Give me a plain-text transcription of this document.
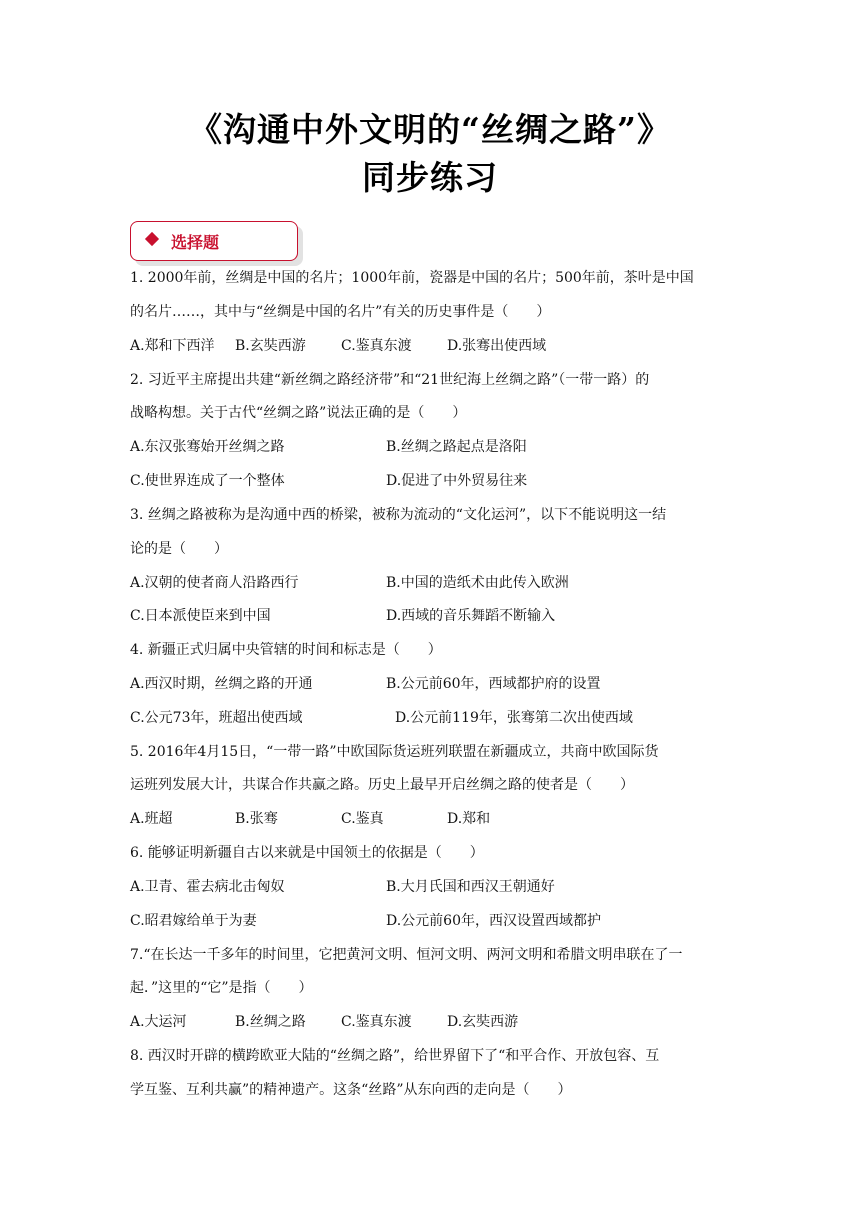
《沟通中外文明的“丝绸之路”》
同步练习
选择题
1. 2000年前，丝绸是中国的名片；1000年前，瓷器是中国的名片；500年前，茶叶是中国
的名片……，其中与“丝绸是中国的名片”有关的历史事件是（　　）
A.郑和下西洋 B.玄奘西游	C.鉴真东渡	D.张骞出使西域
2. 习近平主席提出共建“新丝绸之路经济带”和“21世纪海上丝绸之路”（一带一路）的
战略构想。关于古代“丝绸之路”说法正确的是（　　）
A.东汉张骞始开丝绸之路	B.丝绸之路起点是洛阳
C.使世界连成了一个整体	D.促进了中外贸易往来
3. 丝绸之路被称为是沟通中西的桥梁，被称为流动的“文化运河”，以下不能说明这一结
论的是（　　）
A.汉朝的使者商人沿路西行	B.中国的造纸术由此传入欧洲
C.日本派使臣来到中国	D.西域的音乐舞蹈不断输入
4. 新疆正式归属中央管辖的时间和标志是（　　）
A.西汉时期，丝绸之路的开通	B.公元前60年，西域都护府的设置
C.公元73年，班超出使西域	D.公元前119年，张骞第二次出使西域
5. 2016年4月15日，“一带一路”中欧国际货运班列联盟在新疆成立，共商中欧国际货
运班列发展大计，共谋合作共赢之路。历史上最早开启丝绸之路的使者是（　　）
A.班超	B.张骞	C.鉴真	D.郑和
6. 能够证明新疆自古以来就是中国领土的依据是（　　）
A.卫青、霍去病北击匈奴	B.大月氏国和西汉王朝通好
C.昭君嫁给单于为妻	D.公元前60年，西汉设置西域都护
7.“在长达一千多年的时间里，它把黄河文明、恒河文明、两河文明和希腊文明串联在了一
起．”这里的“它”是指（　　）
A.大运河	B.丝绸之路	C.鉴真东渡	D.玄奘西游
8. 西汉时开辟的横跨欧亚大陆的“丝绸之路”，给世界留下了“和平合作、开放包容、互
学互鉴、互利共赢”的精神遗产。这条“丝路”从东向西的走向是（　　）
